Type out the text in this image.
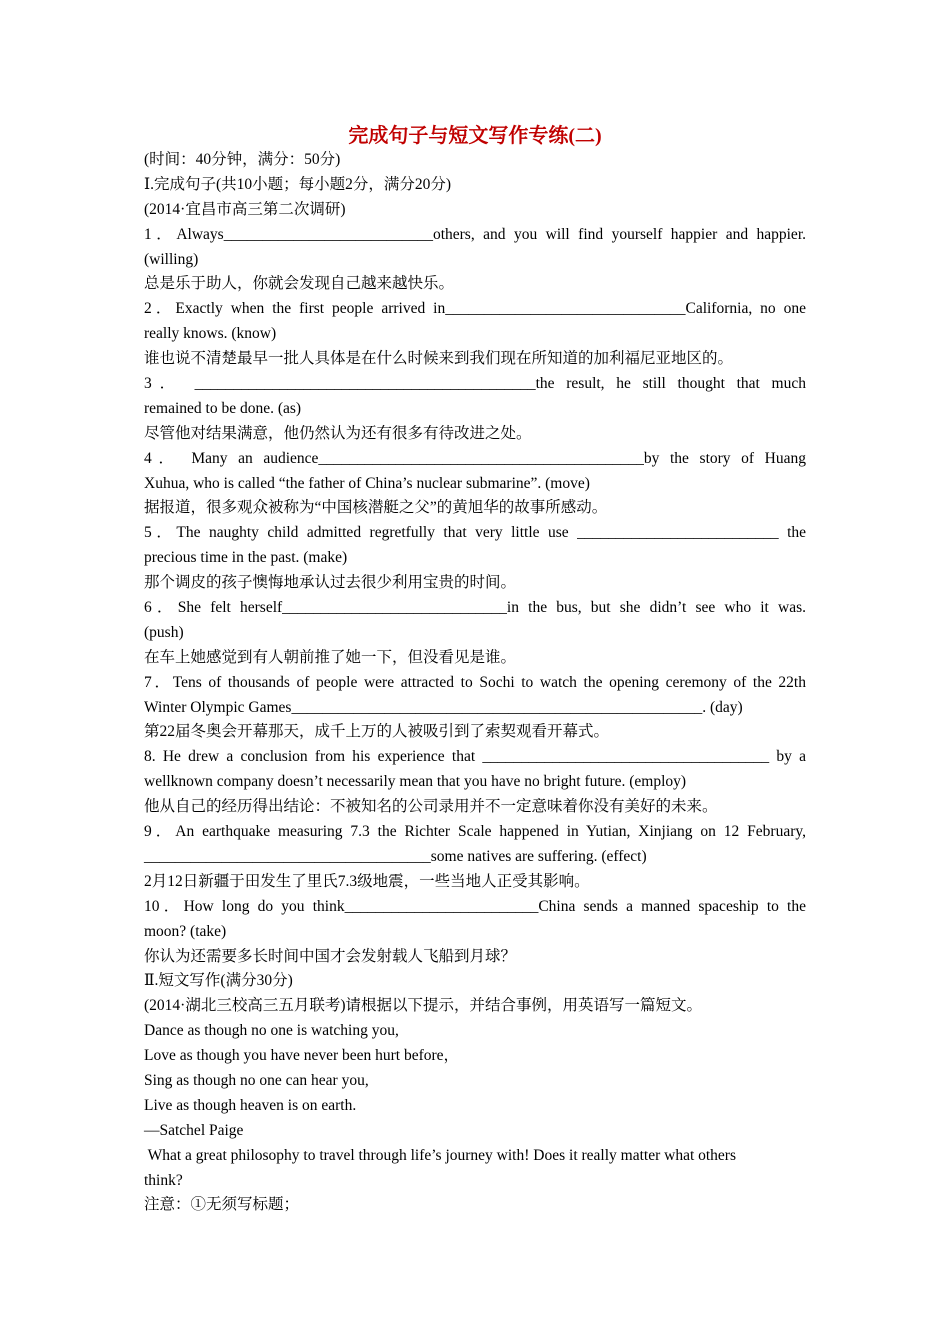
完成句子与短文写作专练(二)
(时间：40分钟，满分：50分)
Ⅰ.完成句子(共10小题；每小题2分，满分20分)
(2014·宜昌市高三第二次调研)
1．Always___________________________others, and you will find yourself happier and happier.
(willing)
总是乐于助人，你就会发现自己越来越快乐。
2．Exactly when the first people arrived in_______________________________California, no one
really knows. (know)
谁也说不清楚最早一批人具体是在什么时候来到我们现在所知道的加利福尼亚地区的。
3． ____________________________________________the result, he still thought that much
remained to be done. (as)
尽管他对结果满意，他仍然认为还有很多有待改进之处。
4． Many an audience__________________________________________by the story of Huang
Xuhua, who is called “the father of China’s nuclear submarine”. (move)
据报道，很多观众被称为“中国核潜艇之父”的黄旭华的故事所感动。
5．The naughty child admitted regretfully that very little use __________________________ the
precious time in the past. (make)
那个调皮的孩子懊悔地承认过去很少利用宝贵的时间。
6．She felt herself_____________________________in the bus, but she didn’t see who it was.
(push)
在车上她感觉到有人朝前推了她一下，但没看见是谁。
7．Tens of thousands of people were attracted to Sochi to watch the opening ceremony of the 22th
Winter Olympic Games_____________________________________________________. (day)
第22届冬奥会开幕那天，成千上万的人被吸引到了索契观看开幕式。
8. He drew a conclusion from his experience that _____________________________________ by a
wellknown company doesn’t necessarily mean that you have no bright future. (employ)
他从自己的经历得出结论：不被知名的公司录用并不一定意味着你没有美好的未来。
9．An earthquake measuring 7.3 the Richter Scale happened in Yutian, Xinjiang on 12 February,
_____________________________________some natives are suffering. (effect)
2月12日新疆于田发生了里氏7.3级地震，一些当地人正受其影响。
10．How long do you think_________________________China sends a manned spaceship to the
moon? (take)
你认为还需要多长时间中国才会发射载人飞船到月球？
Ⅱ.短文写作(满分30分)
(2014·湖北三校高三五月联考)请根据以下提示，并结合事例，用英语写一篇短文。
Dance as though no one is watching you,
Love as though you have never been hurt before，
Sing as though no one can hear you,
Live as though heaven is on earth.
—Satchel Paige
What a great philosophy to travel through life’s journey with! Does it really matter what others
think?
注意：①无须写标题；
